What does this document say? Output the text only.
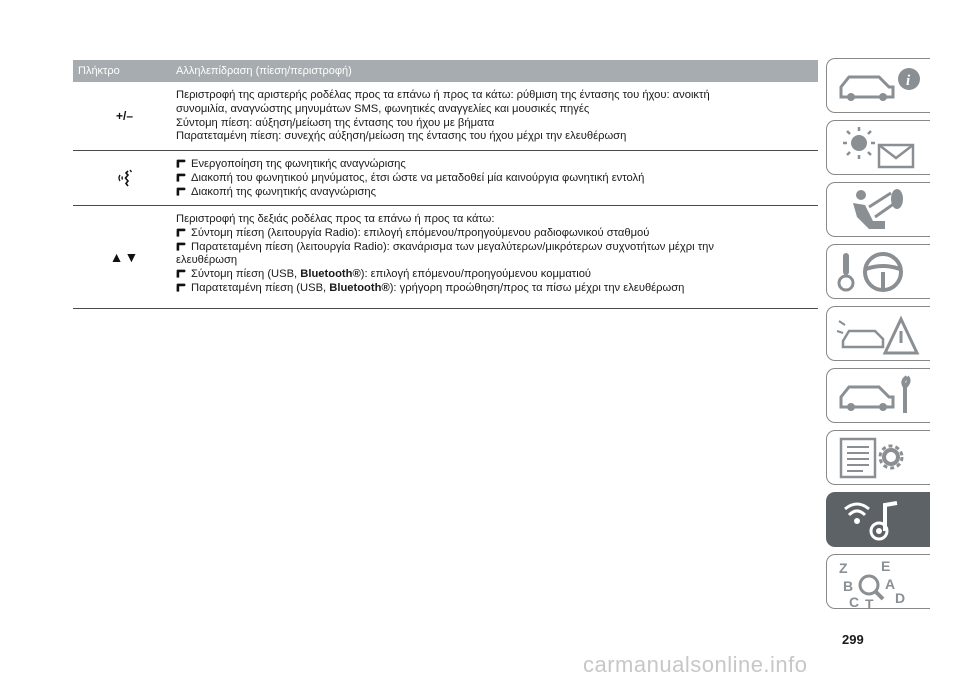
Πλήκτρο	Αλληλεπίδραση (πίεση/περιστροφή)
+/–
Περιστροφή της αριστερής ροδέλας προς τα επάνω ή προς τα κάτω: ρύθμιση της έντασης του ήχου: ανοικτή
συνομιλία, αναγνώστης μηνυμάτων SMS, φωνητικές αναγγελίες και μουσικές πηγές
Σύντομη πίεση: αύξηση/μείωση της έντασης του ήχου με βήματα
Παρατεταμένη πίεση: συνεχής αύξηση/μείωση της έντασης του ήχου μέχρι την ελευθέρωση
Ενεργοποίηση της φωνητικής αναγνώρισης
Διακοπή του φωνητικού μηνύματος, έτσι ώστε να μεταδοθεί μία καινούργια φωνητική εντολή
Διακοπή της φωνητικής αναγνώρισης
▲▼
Περιστροφή της δεξιάς ροδέλας προς τα επάνω ή προς τα κάτω:
Σύντομη πίεση (λειτουργία Radio): επιλογή επόμενου/προηγούμενου ραδιοφωνικού σταθμού
Παρατεταμένη πίεση (λειτουργία Radio): σκανάρισμα των μεγαλύτερων/μικρότερων συχνοτήτων μέχρι την ελευθέρωση
Σύντομη πίεση (USB, Bluetooth®): επιλογή επόμενου/προηγούμενου κομματιού
Παρατεταμένη πίεση (USB, Bluetooth®): γρήγορη προώθηση/προς τα πίσω μέχρι την ελευθέρωση
i
Z E
B A
C T D
299
carmanualsonline.info
